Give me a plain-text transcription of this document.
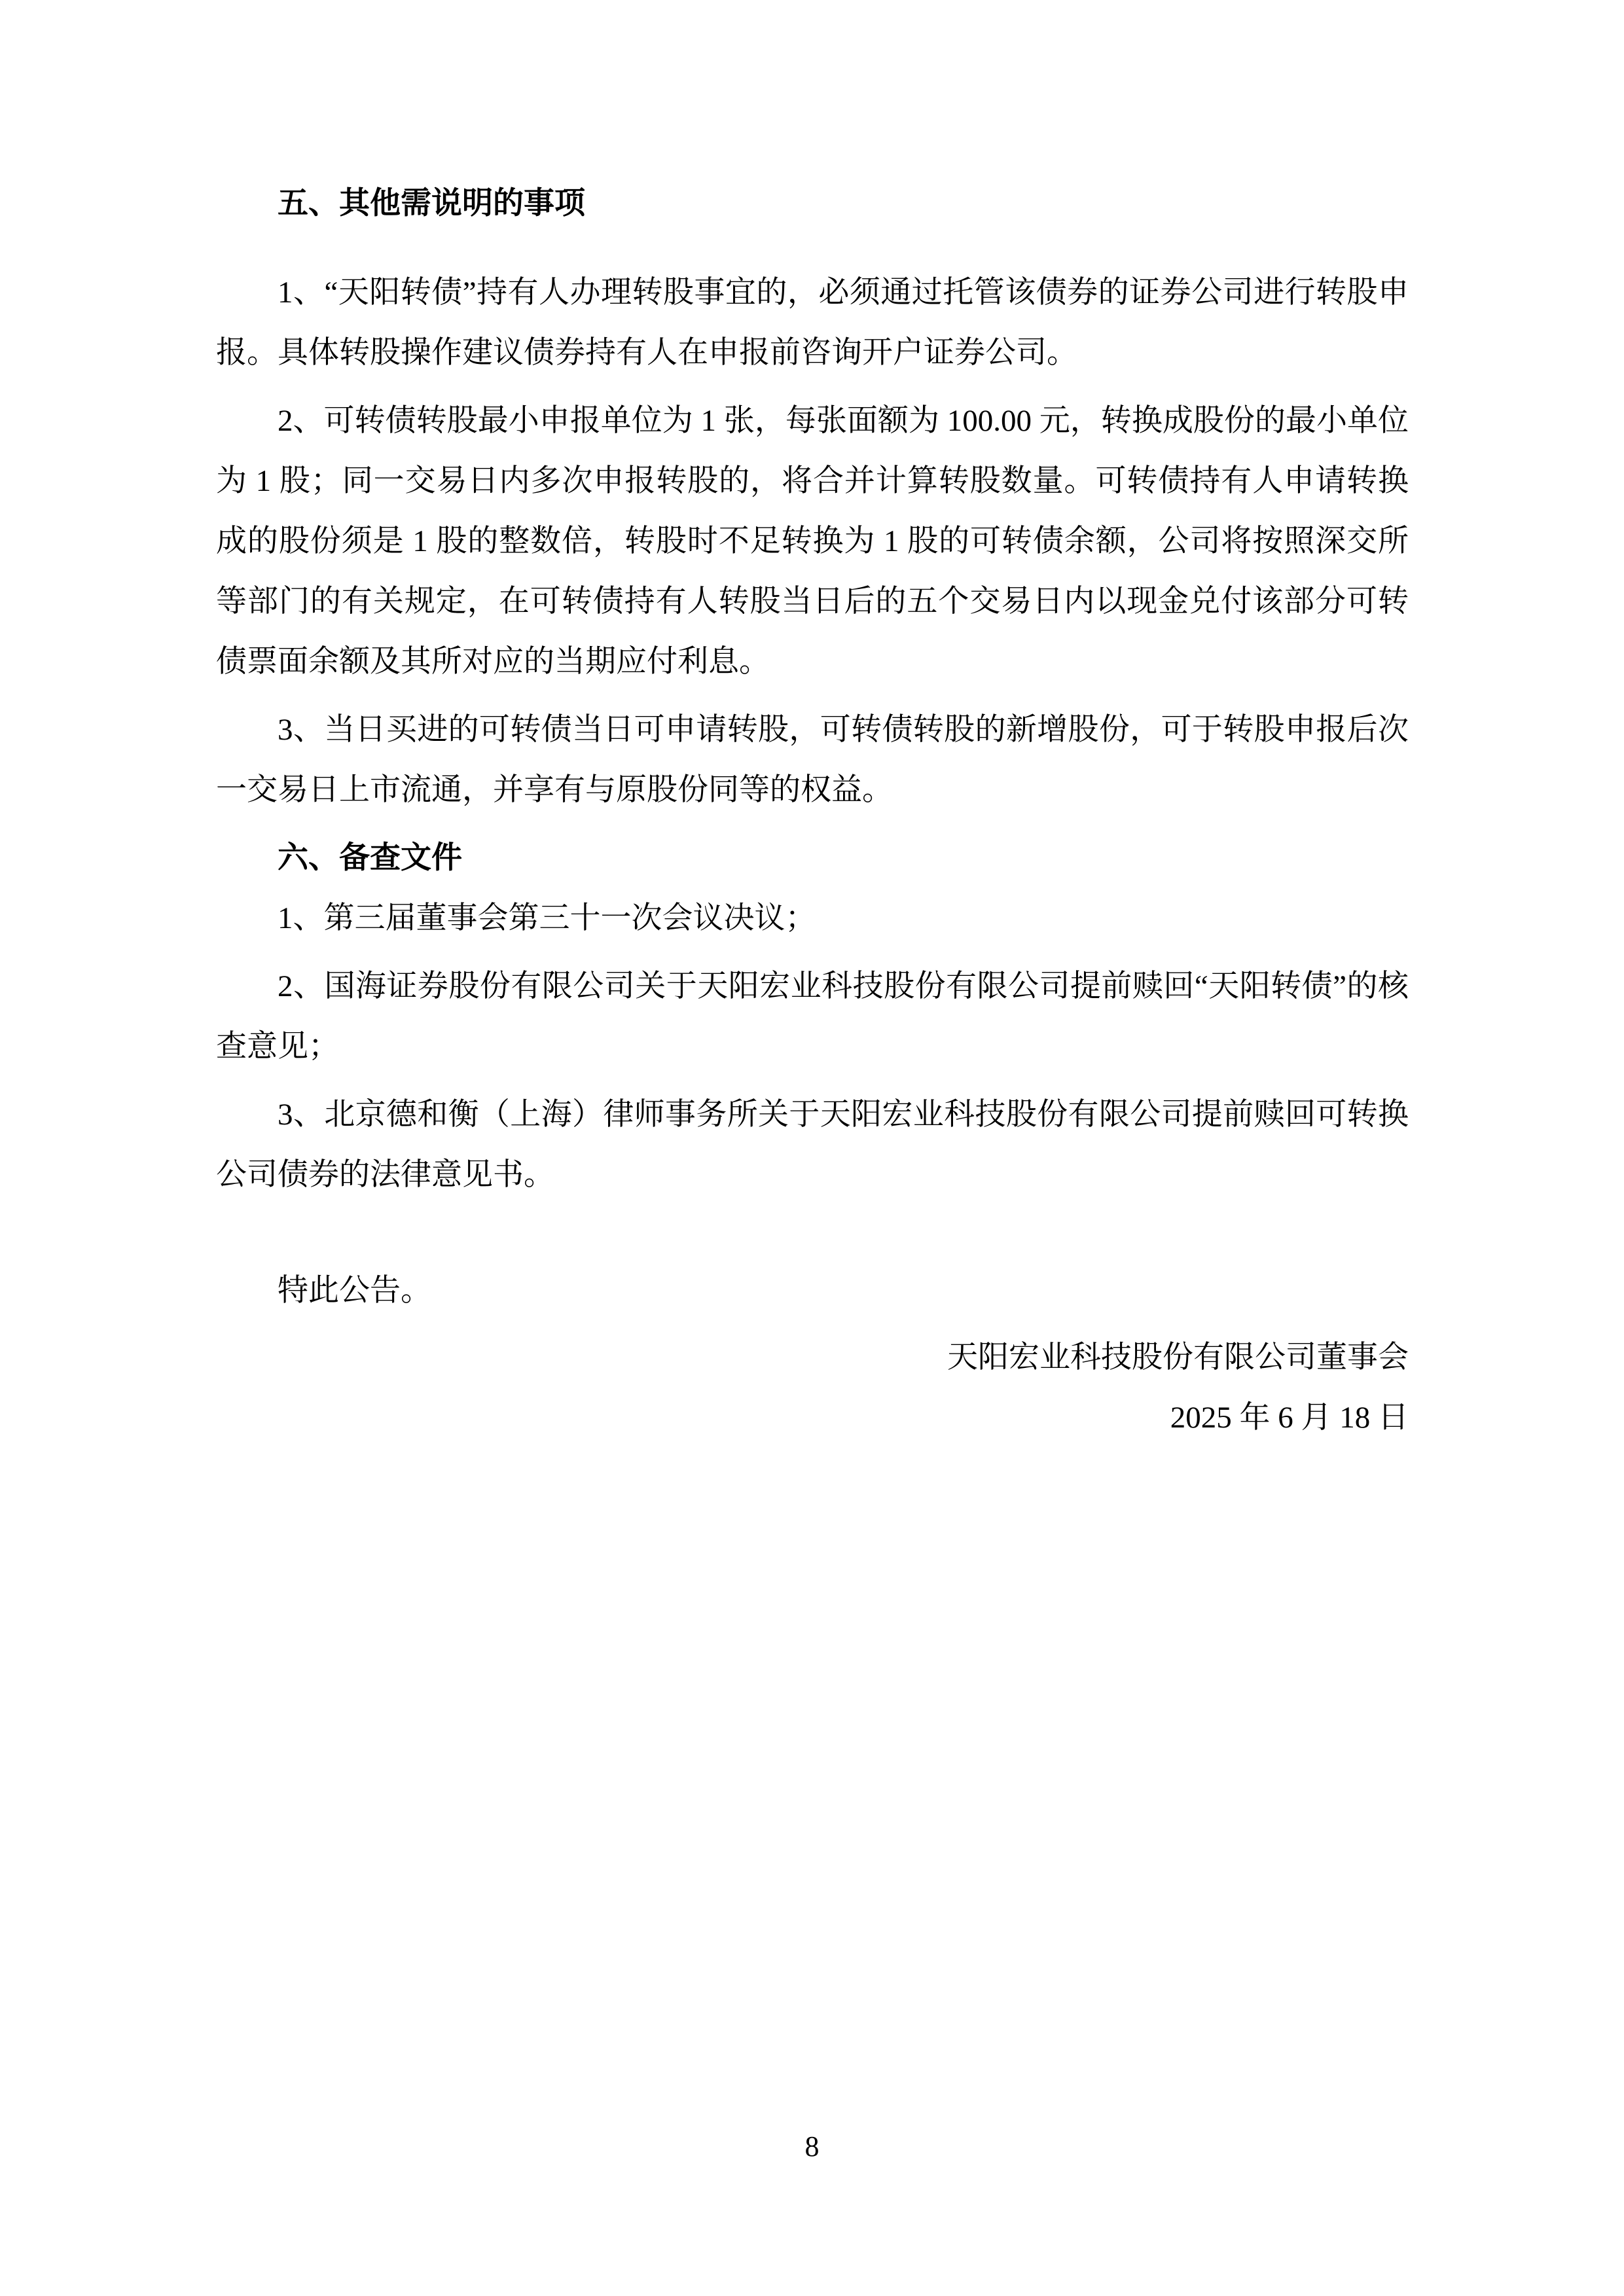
五、其他需说明的事项

1、“天阳转债”持有人办理转股事宜的，必须通过托管该债券的证券公司进行转股申报。具体转股操作建议债券持有人在申报前咨询开户证券公司。

2、可转债转股最小申报单位为 1 张，每张面额为 100.00 元，转换成股份的最小单位为 1 股；同一交易日内多次申报转股的，将合并计算转股数量。可转债持有人申请转换成的股份须是 1 股的整数倍，转股时不足转换为 1 股的可转债余额，公司将按照深交所等部门的有关规定，在可转债持有人转股当日后的五个交易日内以现金兑付该部分可转债票面余额及其所对应的当期应付利息。

3、当日买进的可转债当日可申请转股，可转债转股的新增股份，可于转股申报后次一交易日上市流通，并享有与原股份同等的权益。

六、备查文件

1、第三届董事会第三十一次会议决议；

2、国海证券股份有限公司关于天阳宏业科技股份有限公司提前赎回“天阳转债”的核查意见；

3、北京德和衡（上海）律师事务所关于天阳宏业科技股份有限公司提前赎回可转换公司债券的法律意见书。

特此公告。

天阳宏业科技股份有限公司董事会

2025 年 6 月 18 日

8
